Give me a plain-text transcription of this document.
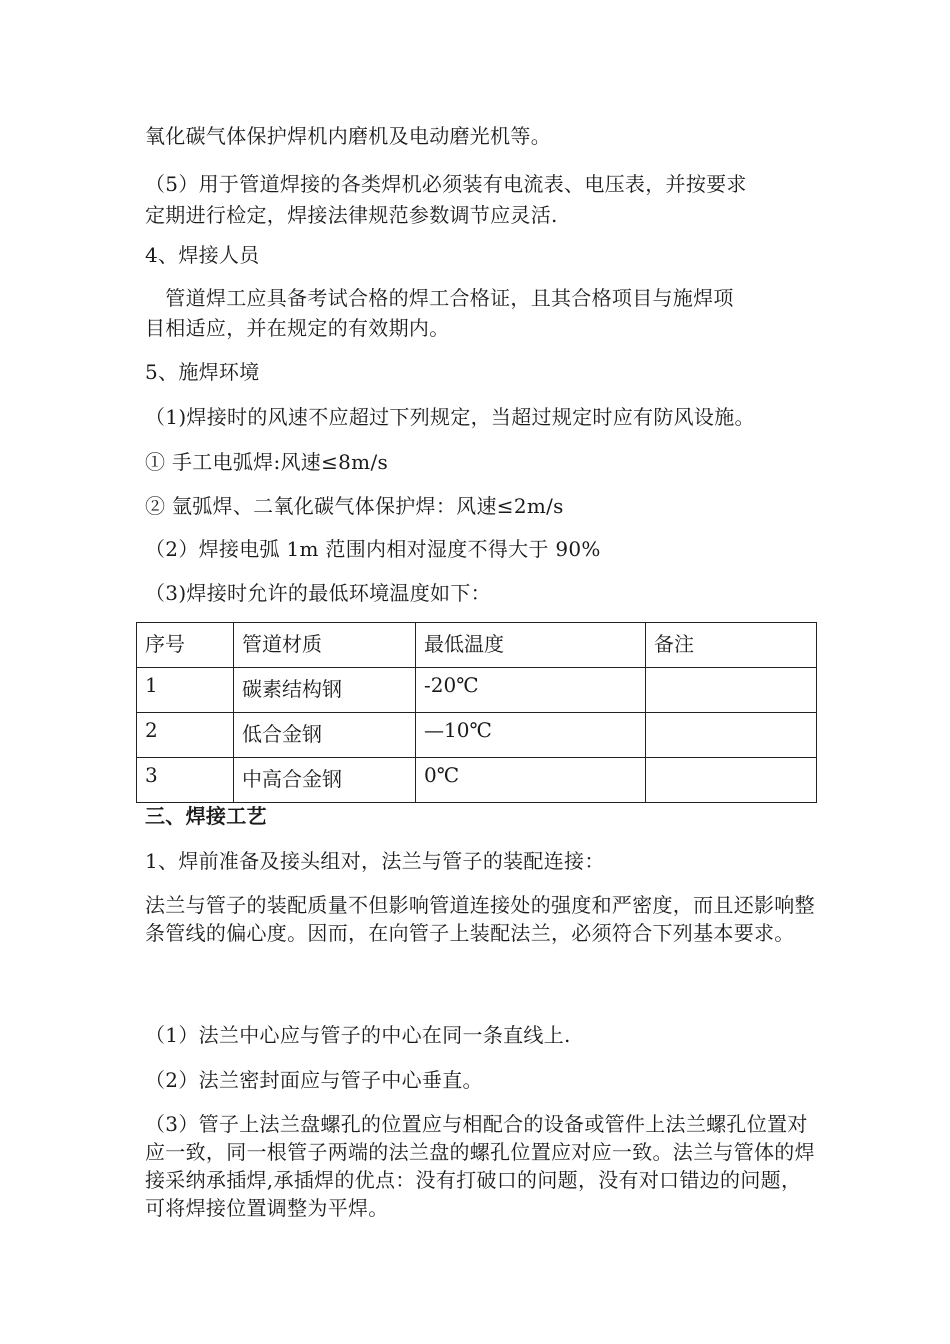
氧化碳气体保护焊机内磨机及电动磨光机等。
（5）用于管道焊接的各类焊机必须装有电流表、电压表，并按要求
定期进行检定，焊接法律规范参数调节应灵活.
4、焊接人员
　管道焊工应具备考试合格的焊工合格证，且其合格项目与施焊项
目相适应，并在规定的有效期内。
5、施焊环境
（1)焊接时的风速不应超过下列规定，当超过规定时应有防风设施。
① 手工电弧焊:风速≤8m/s
② 氩弧焊、二氧化碳气体保护焊：风速≤2m/s
（2）焊接电弧 1m 范围内相对湿度不得大于 90%
（3)焊接时允许的最低环境温度如下：
序号	管道材质	最低温度	备注
1	碳素结构钢	-20℃	
2	低合金钢	—10℃	
3	中高合金钢	0℃	
三、焊接工艺
1、焊前准备及接头组对，法兰与管子的装配连接：
法兰与管子的装配质量不但影响管道连接处的强度和严密度，而且还影响整条管线的偏心度。因而，在向管子上装配法兰，必须符合下列基本要求。
（1）法兰中心应与管子的中心在同一条直线上.
（2）法兰密封面应与管子中心垂直。
（3）管子上法兰盘螺孔的位置应与相配合的设备或管件上法兰螺孔位置对应一致，同一根管子两端的法兰盘的螺孔位置应对应一致。法兰与管体的焊接采纳承插焊,承插焊的优点：没有打破口的问题，没有对口错边的问题，可将焊接位置调整为平焊。
